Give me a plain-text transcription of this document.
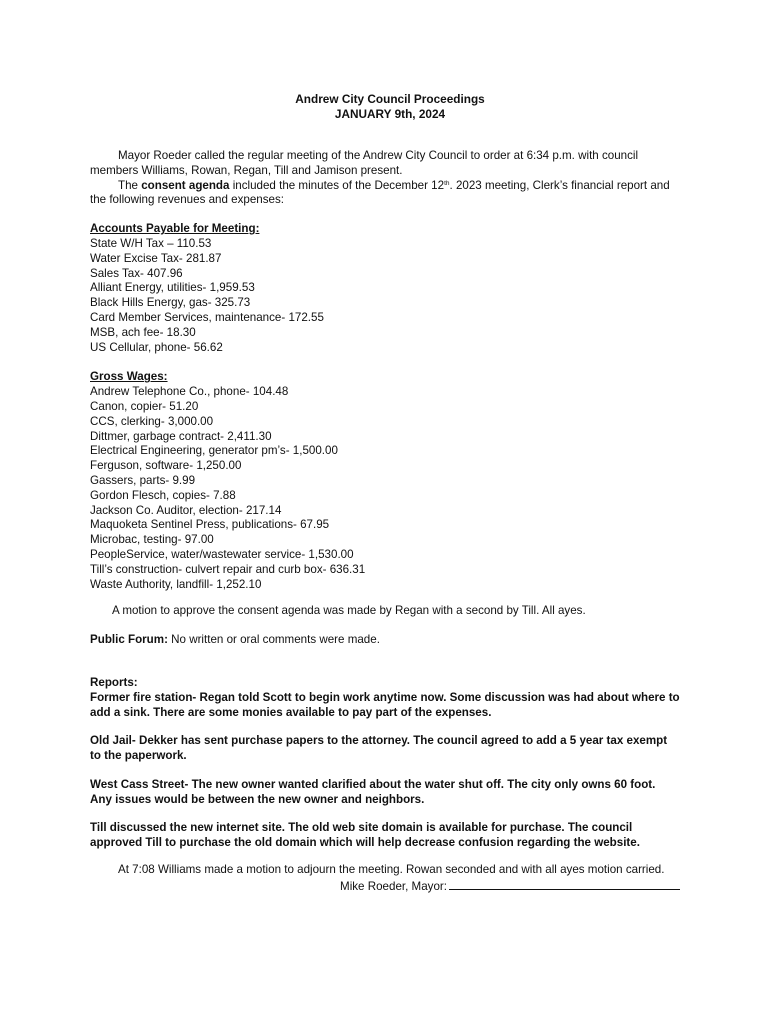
Andrew City Council Proceedings
JANUARY 9th, 2024

Mayor Roeder called the regular meeting of the Andrew City Council to order at 6:34 p.m. with council members Williams, Rowan, Regan, Till and Jamison present.

The consent agenda included the minutes of the December 12th. 2023 meeting, Clerk’s financial report and the following revenues and expenses:

Accounts Payable for Meeting:
State W/H Tax – 110.53
Water Excise Tax- 281.87
Sales Tax- 407.96
Alliant Energy, utilities- 1,959.53
Black Hills Energy, gas- 325.73
Card Member Services, maintenance- 172.55
MSB, ach fee- 18.30
US Cellular, phone- 56.62
Gross Wages:
Andrew Telephone Co., phone- 104.48
Canon, copier- 51.20
CCS, clerking- 3,000.00
Dittmer, garbage contract- 2,411.30
Electrical Engineering, generator pm’s- 1,500.00
Ferguson, software- 1,250.00
Gassers, parts- 9.99
Gordon Flesch, copies- 7.88
Jackson Co. Auditor, election- 217.14
Maquoketa Sentinel Press, publications- 67.95
Microbac, testing- 97.00
PeopleService, water/wastewater service- 1,530.00
Till’s construction- culvert repair and curb box- 636.31
Waste Authority, landfill- 1,252.10

A motion to approve the consent agenda was made by Regan with a second by Till. All ayes.

Public Forum: No written or oral comments were made.

Reports:

Former fire station- Regan told Scott to begin work anytime now. Some discussion was had about where to add a sink. There are some monies available to pay part of the expenses.

Old Jail- Dekker has sent purchase papers to the attorney. The council agreed to add a 5 year tax exempt to the paperwork.

West Cass Street- The new owner wanted clarified about the water shut off. The city only owns 60 foot. Any issues would be between the new owner and neighbors.

Till discussed the new internet site. The old web site domain is available for purchase. The council approved Till to purchase the old domain which will help decrease confusion regarding the website.

At 7:08 Williams made a motion to adjourn the meeting. Rowan seconded and with all ayes motion carried.

Mike Roeder, Mayor:
